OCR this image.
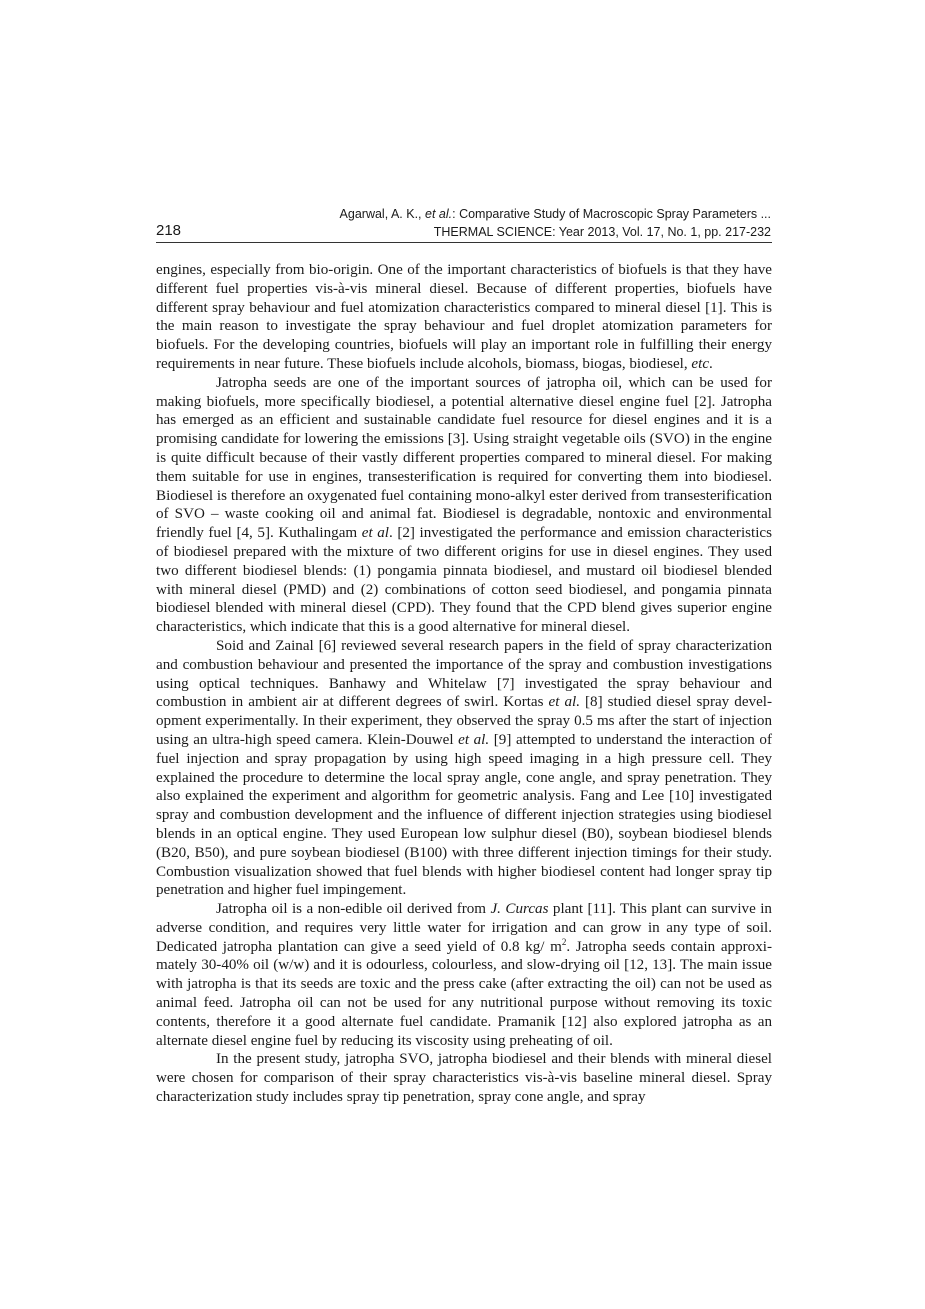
Agarwal, A. K., et al.: Comparative Study of Macroscopic Spray Parameters ...
218	THERMAL SCIENCE: Year 2013, Vol. 17, No. 1, pp. 217-232

engines, especially from bio-origin. One of the important characteristics of biofuels is that they have different fuel properties vis-à-vis mineral diesel. Because of different properties, biofuels have different spray behaviour and fuel atomization characteristics compared to mineral diesel [1]. This is the main reason to investigate the spray behaviour and fuel droplet atomization parameters for biofuels. For the developing countries, biofuels will play an important role in fulfilling their energy requirements in near future. These biofuels include alcohols, biomass, biogas, biodiesel, etc.

Jatropha seeds are one of the important sources of jatropha oil, which can be used for making biofuels, more specifically biodiesel, a potential alternative diesel engine fuel [2]. Jatropha has emerged as an efficient and sustainable candidate fuel resource for diesel engines and it is a promising candidate for lowering the emissions [3]. Using straight vegetable oils (SVO) in the engine is quite difficult because of their vastly different properties compared to mineral diesel. For making them suitable for use in engines, transesterification is required for converting them into biodiesel. Biodiesel is therefore an oxygenated fuel containing mono-alkyl ester derived from transesterification of SVO – waste cooking oil and animal fat. Biodiesel is degradable, nontoxic and environmental friendly fuel [4, 5]. Kuthalingam et al. [2] investigated the performance and emission characteristics of biodiesel prepared with the mixture of two different origins for use in diesel engines. They used two different biodiesel blends: (1) pongamia pinnata biodiesel, and mustard oil biodiesel blended with mineral diesel (PMD) and (2) combinations of cotton seed biodiesel, and pongamia pinnata biodiesel blended with mineral diesel (CPD). They found that the CPD blend gives superior engine characteristics, which indicate that this is a good alternative for mineral diesel.

Soid and Zainal [6] reviewed several research papers in the field of spray characterization and combustion behaviour and presented the importance of the spray and combustion investigations using optical techniques. Banhawy and Whitelaw [7] investigated the spray behaviour and combustion in ambient air at different degrees of swirl. Kortas et al. [8] studied diesel spray development experimentally. In their experiment, they observed the spray 0.5 ms after the start of injection using an ultra-high speed camera. Klein-Douwel et al. [9] attempted to understand the interaction of fuel injection and spray propagation by using high speed imaging in a high pressure cell. They explained the procedure to determine the local spray angle, cone angle, and spray penetration. They also explained the experiment and algorithm for geometric analysis. Fang and Lee [10] investigated spray and combustion development and the influence of different injection strategies using biodiesel blends in an optical engine. They used European low sulphur diesel (B0), soybean biodiesel blends (B20, B50), and pure soybean biodiesel (B100) with three different injection timings for their study. Combustion visualization showed that fuel blends with higher biodiesel content had longer spray tip penetration and higher fuel impingement.

Jatropha oil is a non-edible oil derived from J. Curcas plant [11]. This plant can survive in adverse condition, and requires very little water for irrigation and can grow in any type of soil. Dedicated jatropha plantation can give a seed yield of 0.8 kg/ $m^2$. Jatropha seeds contain approximately 30-40% oil (w/w) and it is odourless, colourless, and slow-drying oil [12, 13]. The main issue with jatropha is that its seeds are toxic and the press cake (after extracting the oil) can not be used as animal feed. Jatropha oil can not be used for any nutritional purpose without removing its toxic contents, therefore it a good alternate fuel candidate. Pramanik [12] also explored jatropha as an alternate diesel engine fuel by reducing its viscosity using preheating of oil.

In the present study, jatropha SVO, jatropha biodiesel and their blends with mineral diesel were chosen for comparison of their spray characteristics vis-à-vis baseline mineral diesel. Spray characterization study includes spray tip penetration, spray cone angle, and spray
